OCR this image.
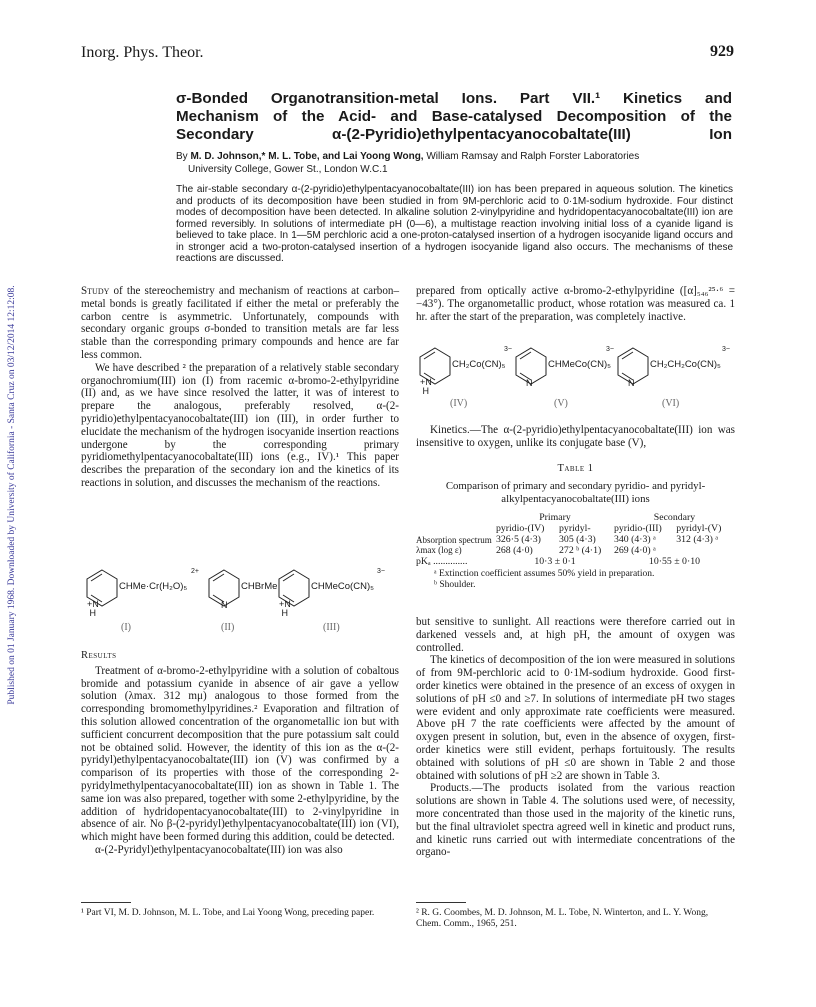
Published on 01 January 1968. Downloaded by University of California - Santa Cruz on 03/12/2014 12:12:08.
Inorg. Phys. Theor.	929
σ-Bonded Organotransition-metal Ions. Part VII.¹ Kinetics and
Mechanism of the Acid- and Base-catalysed Decomposition of the
Secondary α-(2-Pyridio)ethylpentacyanocobaltate(III) Ion
By M. D. Johnson,* M. L. Tobe, and Lai Yoong Wong, William Ramsay and Ralph Forster Laboratories
University College, Gower St., London W.C.1
The air-stable secondary α-(2-pyridio)ethylpentacyanocobaltate(III) ion has been prepared in aqueous solution. The kinetics and products of its decomposition have been studied in from 9M-perchloric acid to 0·1M-sodium hydroxide. Four distinct modes of decomposition have been detected. In alkaline solution 2-vinylpyridine and hydridopentacyanocobaltate(III) ion are formed reversibly. In solutions of intermediate pH (0—6), a multistage reaction involving initial loss of a cyanide ligand is believed to take place. In 1—5M perchloric acid a one-proton-catalysed insertion of a hydrogen isocyanide ligand occurs and in stronger acid a two-proton-catalysed insertion of a hydrogen isocyanide ligand also occurs. The mechanisms of these reactions are discussed.

Study of the stereochemistry and mechanism of reactions at carbon–metal bonds is greatly facilitated if either the metal or preferably the carbon centre is asymmetric. Unfortunately, compounds with secondary organic groups σ-bonded to transition metals are far less stable than the corresponding primary compounds and hence are far less common.

We have described ² the preparation of a relatively stable secondary organochromium(III) ion (I) from racemic α-bromo-2-ethylpyridine (II) and, as we have since resolved the latter, it was of interest to prepare the analogous, preferably resolved, α-(2-pyridio)ethylpentacyanocobaltate(III) ion (III), in order further to elucidate the mechanism of the hydrogen isocyanide insertion reactions undergone by the corresponding primary pyridiomethylpentacyanocobaltate(III) ions (e.g., IV).¹ This paper describes the preparation of the secondary ion and the kinetics of its reactions in solution, and discusses the mechanism of the reactions.

+N
H
CHMe·Cr(H₂O)₅
2+
N
CHBrMe
+N
H
CHMeCo(CN)₅
3−
(I)	(II)	(III)

Results

Treatment of α-bromo-2-ethylpyridine with a solution of cobaltous bromide and potassium cyanide in absence of air gave a yellow solution (λmax. 312 mμ) analogous to those formed from the corresponding bromomethylpyridines.² Evaporation and filtration of this solution allowed concentration of the organometallic ion but with sufficient concurrent decomposition that the pure potassium salt could not be obtained solid. However, the identity of this ion as the α-(2-pyridyl)ethylpentacyanocobaltate(III) ion (V) was confirmed by a comparison of its properties with those of the corresponding 2-pyridylmethylpentacyanocobaltate(III) ion as shown in Table 1. The same ion was also prepared, together with some 2-ethylpyridine, by the addition of hydridopentacyanocobaltate(III) to 2-vinylpyridine in absence of air. No β-(2-pyridyl)ethylpentacyanocobaltate(III) ion (VI), which might have been formed during this addition, could be detected.

α-(2-Pyridyl)ethylpentacyanocobaltate(III) ion was also

¹ Part VI, M. D. Johnson, M. L. Tobe, and Lai Yoong Wong, preceding paper.

prepared from optically active α-bromo-2-ethylpyridine ([α]₅₄₆²⁵·⁶ = −43°). The organometallic product, whose rotation was measured ca. 1 hr. after the start of the preparation, was completely inactive.

+N
H
CH₂Co(CN)₅
3−
N
CHMeCo(CN)₅
3−
N
CH₂CH₂Co(CN)₅
3−
(IV)	(V)	(VI)

Kinetics.—The α-(2-pyridio)ethylpentacyanocobaltate(III) ion was insensitive to oxygen, unlike its conjugate base (V),

Table 1
Comparison of primary and secondary pyridio- and pyridyl-alkylpentacyanocobaltate(III) ions
	Primary		Secondary	
	pyridio-(IV)	pyridyl-	pyridio-(III)	pyridyl-(V)
Absorption spectrum λmax (log ε)	326·5 (4·3)	305 (4·3)	340 (4·3) ᵃ	312 (4·3) ᵃ
	268 (4·0)	272 ᵇ (4·1)	269 (4·0) ᵃ	
pKₐ ..............	10·3 ± 0·1		10·55 ± 0·10	
ᵃ Extinction coefficient assumes 50% yield in preparation.
ᵇ Shoulder.

but sensitive to sunlight. All reactions were therefore carried out in darkened vessels and, at high pH, the amount of oxygen was controlled.

The kinetics of decomposition of the ion were measured in solutions of from 9M-perchloric acid to 0·1M-sodium hydroxide. Good first-order kinetics were obtained in the presence of an excess of oxygen in solutions of pH ≤0 and ≥7. In solutions of intermediate pH two stages were evident and only approximate rate coefficients were measured. Above pH 7 the rate coefficients were affected by the amount of oxygen present in solution, but, even in the absence of oxygen, first-order kinetics were still evident, perhaps fortuitously. The results obtained with solutions of pH ≤0 are shown in Table 2 and those obtained with solutions of pH ≥2 are shown in Table 3.

Products.—The products isolated from the various reaction solutions are shown in Table 4. The solutions used were, of necessity, more concentrated than those used in the majority of the kinetic runs, but the final ultraviolet spectra agreed well in kinetic and product runs, and kinetic runs carried out with intermediate concentrations of the organo-

² R. G. Coombes, M. D. Johnson, M. L. Tobe, N. Winterton, and L. Y. Wong, Chem. Comm., 1965, 251.
